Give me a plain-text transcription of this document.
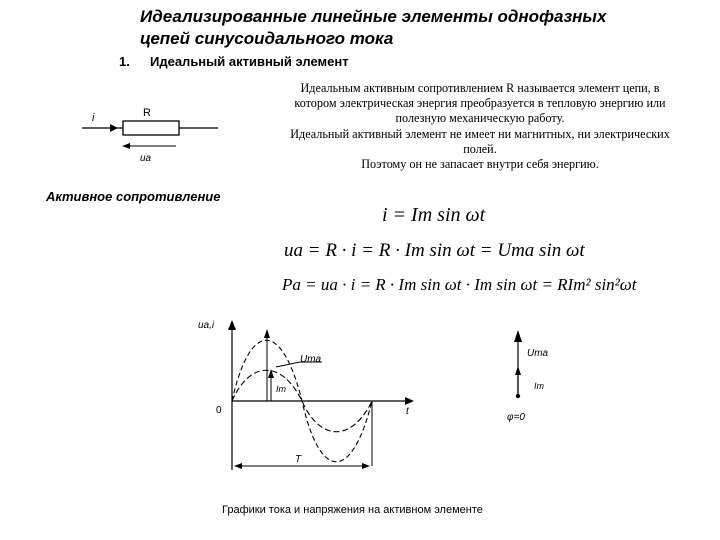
Идеализированные линейные элементы однофазных
цепей синусоидального тока
1. Идеальный активный элемент

Идеальным активным сопротивлением R называется элемент цепи, в

котором электрическая энергия преобразуется в тепловую энергию или

полезную механическую работу.

Идеальный активный элемент не имеет ни магнитных, ни электрических

полей.

Поэтому он не запасает внутри себя энергию.

i	R
uа
Активное сопротивление
i = Im sin ωt
uа = R · i = R · Im sin ωt = Umа sin ωt
Pа = uа · i = R · Im sin ωt · Im sin ωt = RIm² sin²ωt
uа,i
0	t
Uma
Im
T
Uma
Im
φ=0
Графики тока и напряжения на активном элементе
